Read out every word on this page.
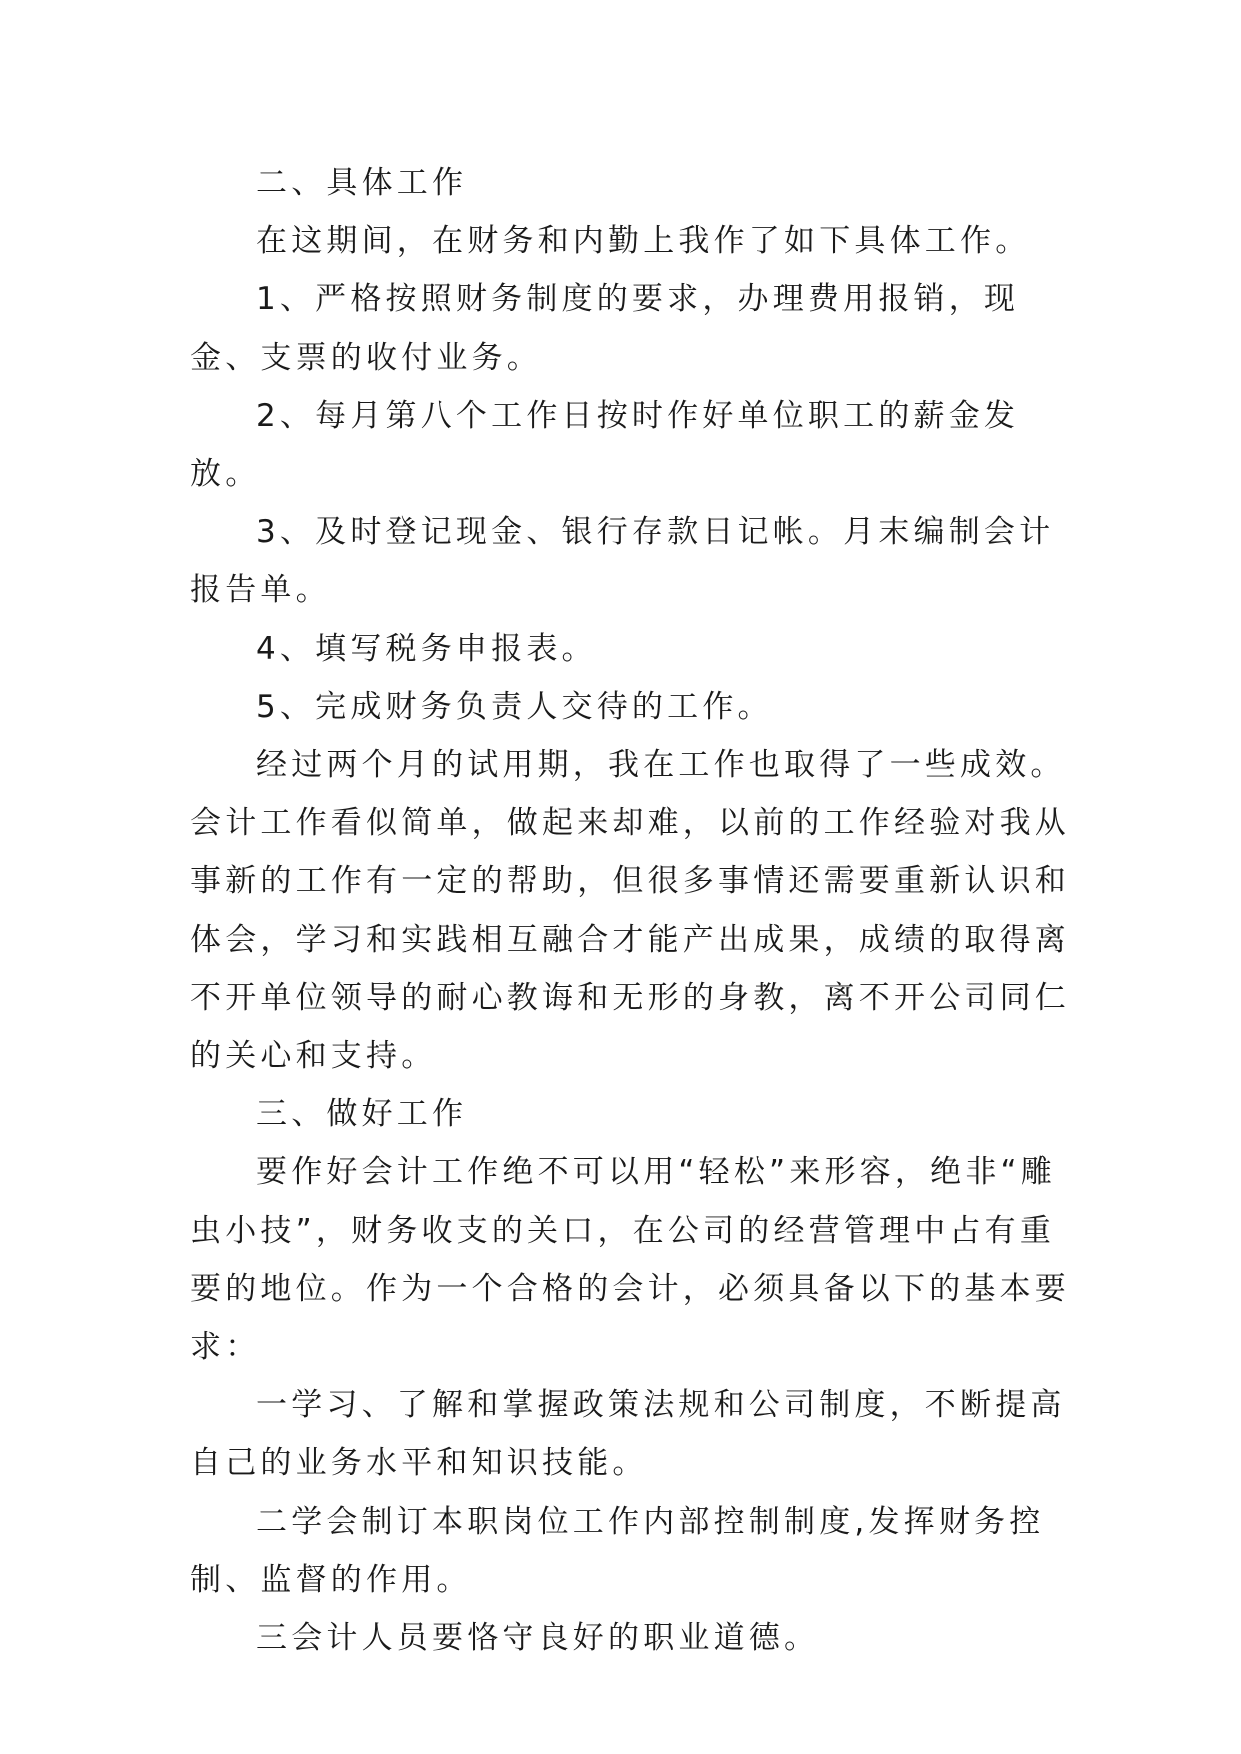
二、具体工作

在这期间，在财务和内勤上我作了如下具体工作。

1、严格按照财务制度的要求，办理费用报销，现金、支票的收付业务。

2、每月第八个工作日按时作好单位职工的薪金发放。

3、及时登记现金、银行存款日记帐。月末编制会计报告单。

4、填写税务申报表。

5、完成财务负责人交待的工作。

经过两个月的试用期，我在工作也取得了一些成效。会计工作看似简单，做起来却难，以前的工作经验对我从事新的工作有一定的帮助，但很多事情还需要重新认识和体会，学习和实践相互融合才能产出成果，成绩的取得离不开单位领导的耐心教诲和无形的身教，离不开公司同仁的关心和支持。

三、做好工作

要作好会计工作绝不可以用“轻松”来形容，绝非“雕虫小技”，财务收支的关口，在公司的经营管理中占有重要的地位。作为一个合格的会计，必须具备以下的基本要求：

一学习、了解和掌握政策法规和公司制度，不断提高自己的业务水平和知识技能。

二学会制订本职岗位工作内部控制制度,发挥财务控制、监督的作用。

三会计人员要恪守良好的职业道德。
